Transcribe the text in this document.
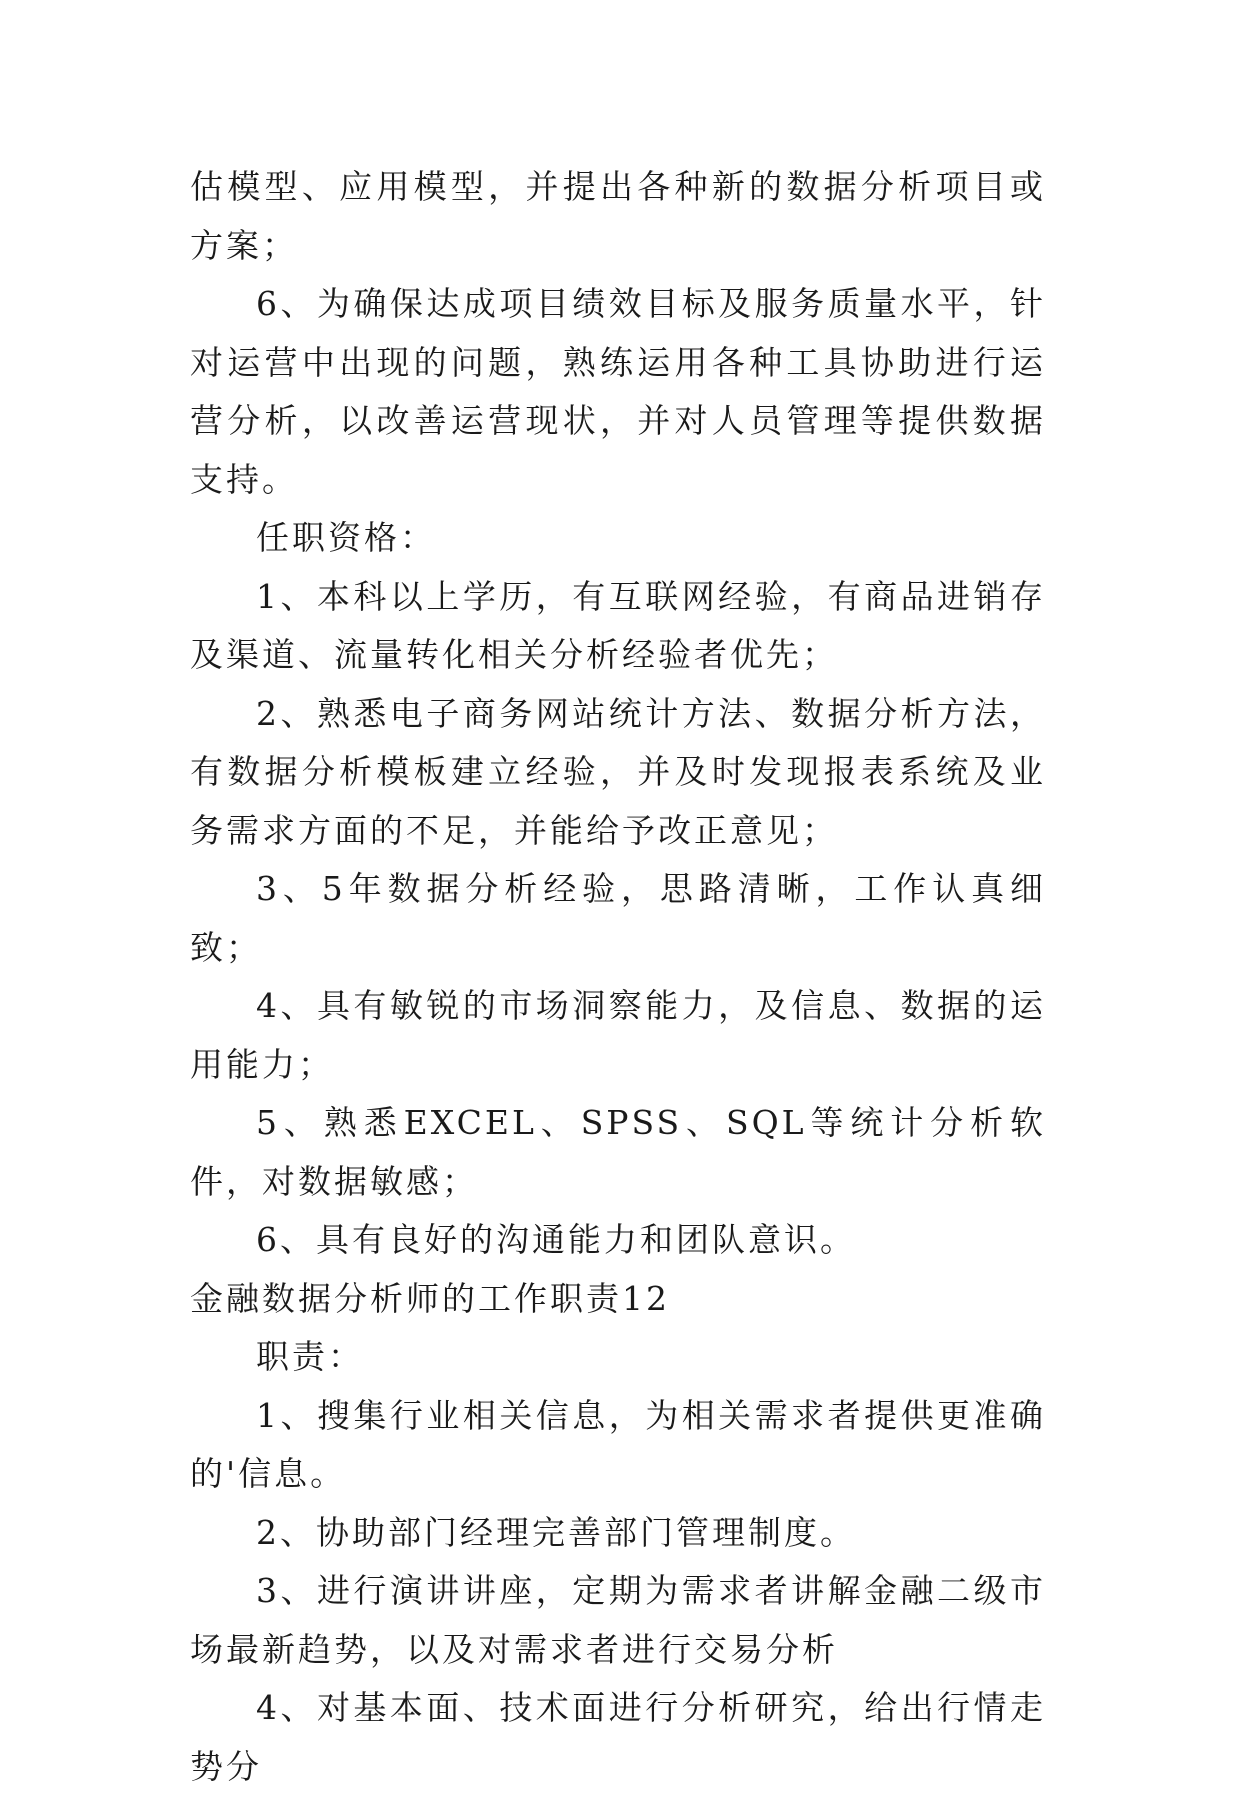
估模型、应用模型，并提出各种新的数据分析项目或方案；

6、为确保达成项目绩效目标及服务质量水平，针对运营中出现的问题，熟练运用各种工具协助进行运营分析，以改善运营现状，并对人员管理等提供数据支持。

任职资格：

1、本科以上学历，有互联网经验，有商品进销存及渠道、流量转化相关分析经验者优先；

2、熟悉电子商务网站统计方法、数据分析方法，有数据分析模板建立经验，并及时发现报表系统及业务需求方面的不足，并能给予改正意见；

3、5年数据分析经验，思路清晰，工作认真细致；

4、具有敏锐的市场洞察能力，及信息、数据的运用能力；

5、熟悉EXCEL、SPSS、SQL等统计分析软件，对数据敏感；

6、具有良好的沟通能力和团队意识。

金融数据分析师的工作职责12

职责：

1、搜集行业相关信息，为相关需求者提供更准确的'信息。

2、协助部门经理完善部门管理制度。

3、进行演讲讲座，定期为需求者讲解金融二级市场最新趋势，以及对需求者进行交易分析

4、对基本面、技术面进行分析研究，给出行情走势分
